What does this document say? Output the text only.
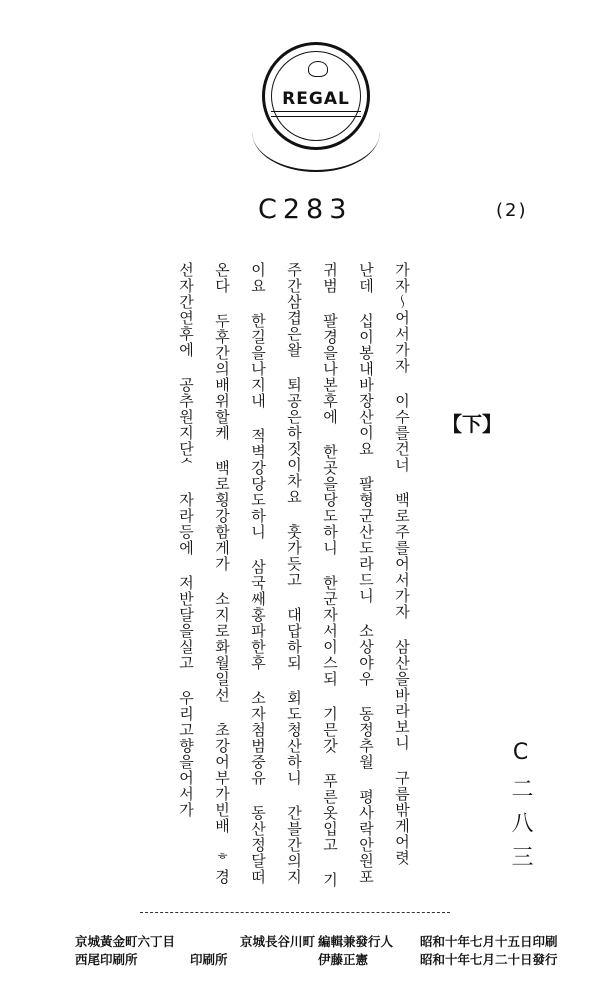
REGAL
C283	(2)
【下】
가자〜어서가자 이수를건너 백로주를어서가자 삼산을바라보니 구름밖게어렷
난데 십이봉내바장산이요 팔형군산도라드니 소상야우 동정추월 평사락안원포
귀범 팔경을나본후에 한곳을당도하니 한군자서이스되 기믄갓 푸른옷입고 기
주간삼겹은왈 퇴공은하짓이차요 훗가듯고 대답하되 회도청산하니 간블간의지
이요 한길을나지내 적벽강당도하니 삼국쌔홍파한후 소자첨범중유 동산정달떠
온다 두후간의배위할케 백로횡강함게가 소지로화월일선 초강어부가빈배 ᄒ경
선자간연후에 공추원지단ᄉ 자라등에 저반달을실고 우리고향을어서가	C二八三
昭和十年七月十五日印刷
昭和十年七月二十日發行
編輯兼發行人
伊藤正憲
京城長谷川町
京城黃金町六丁目
印刷所
西尾印刷所
